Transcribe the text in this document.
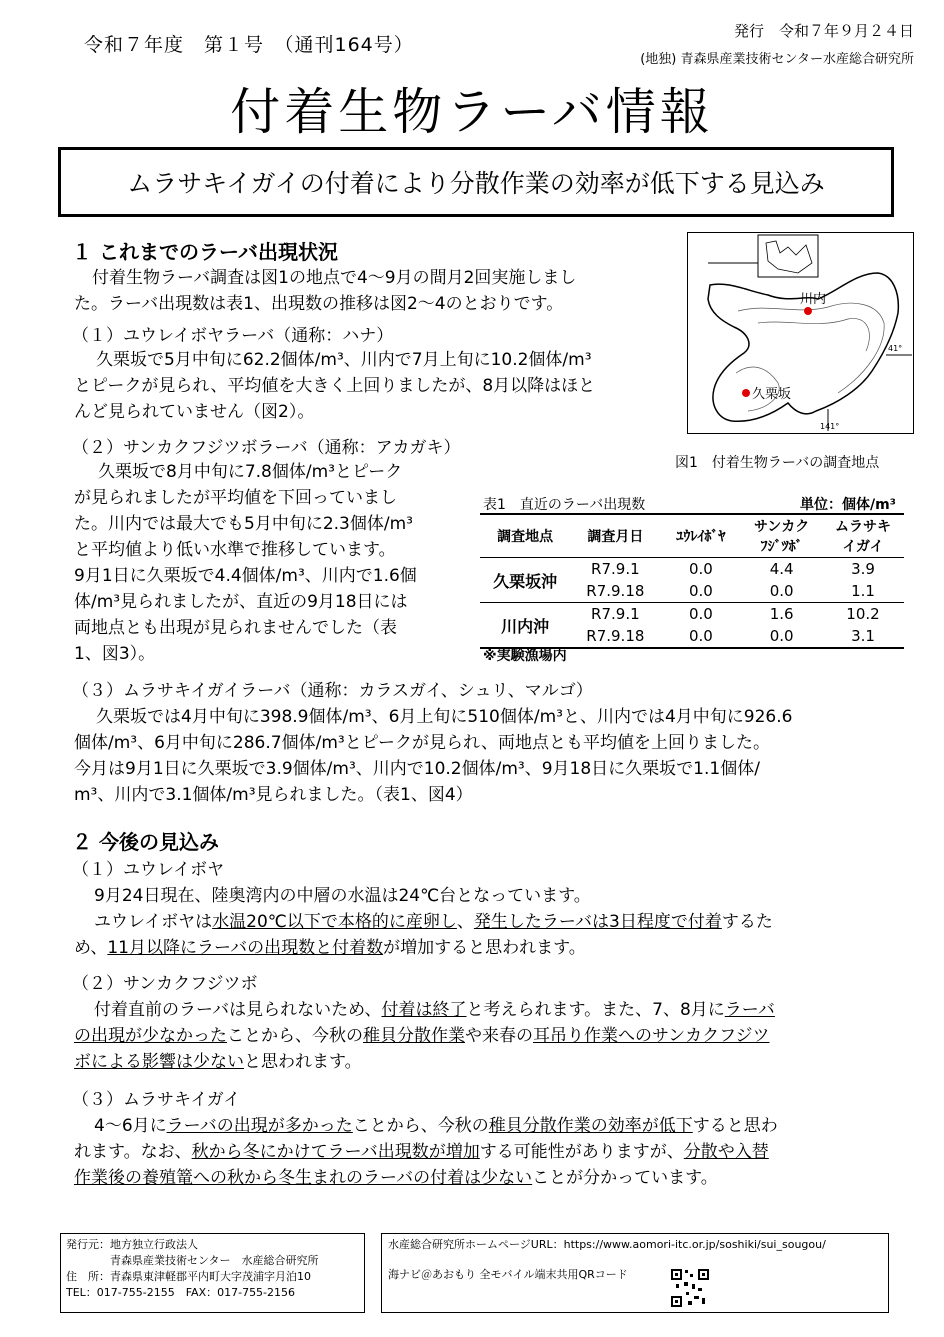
令和７年度　第１号　（通刊164号）
発行　令和７年９月２４日
(地独) 青森県産業技術センター水産総合研究所
付着生物ラーバ情報
ムラサキイガイの付着により分散作業の効率が低下する見込み
１ これまでのラーバ出現状況
付着生物ラーバ調査は図1の地点で4～9月の間月2回実施しまし
た。ラーバ出現数は表1、出現数の推移は図2～4のとおりです。
（１）ユウレイボヤラーバ（通称：ハナ）
久栗坂で5月中旬に62.2個体/m³、川内で7月上旬に10.2個体/m³
とピークが見られ、平均値を大きく上回りましたが、8月以降はほと
んど見られていません（図2）。
（２）サンカクフジツボラーバ（通称：アカガキ）
久栗坂で8月中旬に7.8個体/m³とピーク
が見られましたが平均値を下回っていまし
た。川内では最大でも5月中旬に2.3個体/m³
と平均値より低い水準で推移しています。
9月1日に久栗坂で4.4個体/m³、川内で1.6個
体/m³見られましたが、直近の9月18日には
両地点とも出現が見られませんでした（表
1、図3）。
川内
久栗坂
41°
141°
図1　付着生物ラーバの調査地点
表1　直近のラーバ出現数	単位：個体/m³
調査地点	調査月日	ﾕｳﾚｲﾎﾞﾔ	サンカク
ﾌｼﾞﾂﾎﾞ	ムラサキ
イガイ
久栗坂沖	R7.9.1	0.0	4.4	3.9
	R7.9.18	0.0	0.0	1.1
川内沖	R7.9.1	0.0	1.6	10.2
	R7.9.18	0.0	0.0	3.1
※実験漁場内
（３）ムラサキイガイラーバ（通称：カラスガイ、シュリ、マルゴ）
久栗坂では4月中旬に398.9個体/m³、6月上旬に510個体/m³と、川内では4月中旬に926.6
個体/m³、6月中旬に286.7個体/m³とピークが見られ、両地点とも平均値を上回りました。
今月は9月1日に久栗坂で3.9個体/m³、川内で10.2個体/m³、9月18日に久栗坂で1.1個体/
m³、川内で3.1個体/m³見られました。（表1、図4）
２ 今後の見込み
（１）ユウレイボヤ
9月24日現在、陸奥湾内の中層の水温は24℃台となっています。
ユウレイボヤは水温20℃以下で本格的に産卵し、発生したラーバは3日程度で付着するた
め、11月以降にラーバの出現数と付着数が増加すると思われます。
（２）サンカクフジツボ
付着直前のラーバは見られないため、付着は終了と考えられます。また、7、8月にラーバ
の出現が少なかったことから、今秋の稚貝分散作業や来春の耳吊り作業へのサンカクフジツ
ボによる影響は少ないと思われます。
（３）ムラサキイガイ
4～6月にラーバの出現が多かったことから、今秋の稚貝分散作業の効率が低下すると思わ
れます。なお、秋から冬にかけてラーバ出現数が増加する可能性がありますが、分散や入替
作業後の養殖篭への秋から冬生まれのラーバの付着は少ないことが分かっています。
発行元：地方独立行政法人
　　　　青森県産業技術センター　水産総合研究所
住　所：青森県東津軽郡平内町大字茂浦字月泊10
TEL：017-755-2155　FAX：017-755-2156
水産総合研究所ホームページURL：https://www.aomori-itc.or.jp/soshiki/sui_sougou/
海ナビ＠あおもり 全モバイル端末共用QRコード
